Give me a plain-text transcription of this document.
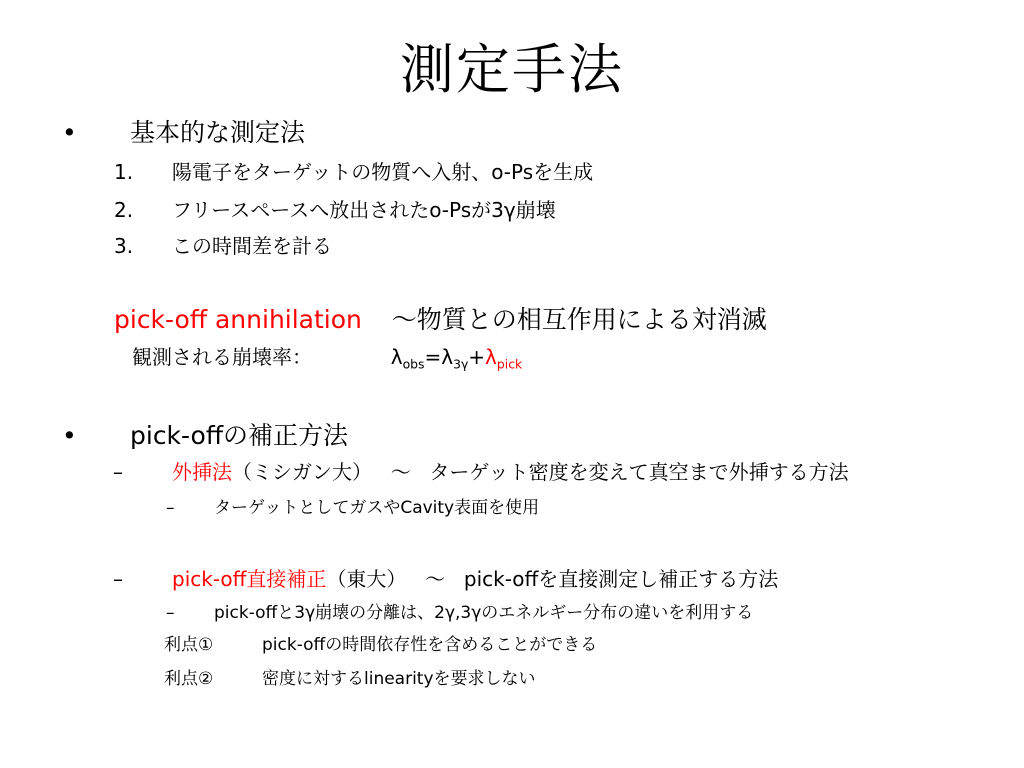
測定手法
• 基本的な測定法
1. 陽電子をターゲットの物質へ入射、o-Psを生成
2. フリースペースへ放出されたo-Psが3γ崩壊
3. この時間差を計る
pick-off annihilation ～物質との相互作用による対消滅
観測される崩壊率：	$\lambda_{obs}=\lambda_{3\gamma}+\lambda_{pick}$
• pick-offの補正方法
– 外挿法（ミシガン大） ～ ターゲット密度を変えて真空まで外挿する方法
– ターゲットとしてガスやCavity表面を使用
– pick-off直接補正（東大） ～ pick-offを直接測定し補正する方法
– pick-offと3γ崩壊の分離は、2γ,3γのエネルギー分布の違いを利用する
利点①	pick-offの時間依存性を含めることができる
利点②	密度に対するlinearityを要求しない
